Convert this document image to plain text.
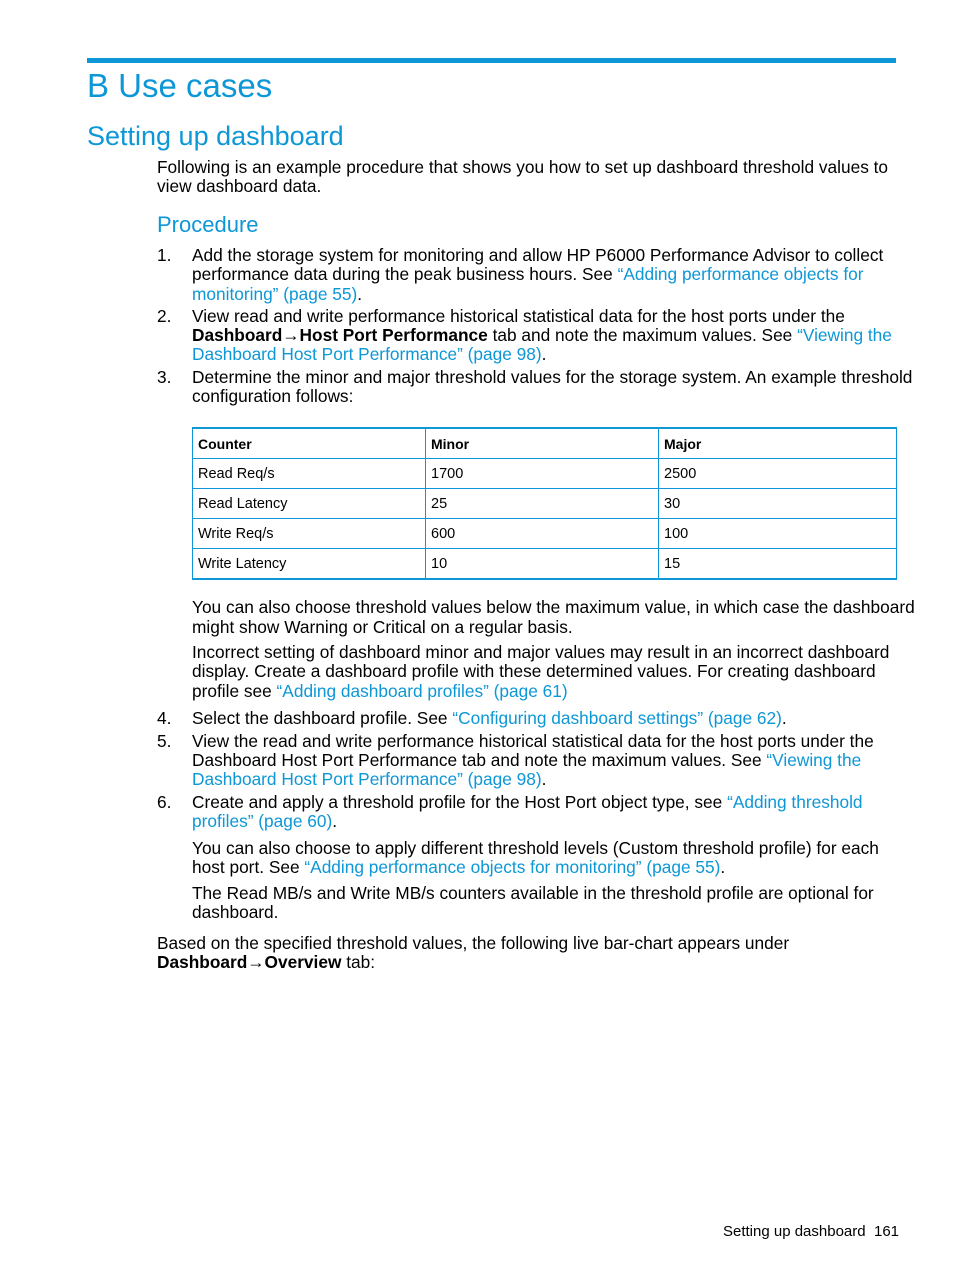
B Use cases
Setting up dashboard

Following is an example procedure that shows you how to set up dashboard threshold values to

view dashboard data.

Procedure
1. Add the storage system for monitoring and allow HP P6000 Performance Advisor to collect

performance data during the peak business hours. See “Adding performance objects for

monitoring” (page 55).

2. View read and write performance historical statistical data for the host ports under the

Dashboard→Host Port Performance tab and note the maximum values. See “Viewing the

Dashboard Host Port Performance” (page 98).

3. Determine the minor and major threshold values for the storage system. An example threshold

configuration follows:

Counter	Minor	Major
Read Req/s	1700	2500
Read Latency	25	30
Write Req/s	600	100
Write Latency	10	15

You can also choose threshold values below the maximum value, in which case the dashboard

might show Warning or Critical on a regular basis.

Incorrect setting of dashboard minor and major values may result in an incorrect dashboard

display. Create a dashboard profile with these determined values. For creating dashboard

profile see “Adding dashboard profiles” (page 61)

4. Select the dashboard profile. See “Configuring dashboard settings” (page 62).

5. View the read and write performance historical statistical data for the host ports under the

Dashboard Host Port Performance tab and note the maximum values. See “Viewing the

Dashboard Host Port Performance” (page 98).

6. Create and apply a threshold profile for the Host Port object type, see “Adding threshold

profiles” (page 60).

You can also choose to apply different threshold levels (Custom threshold profile) for each

host port. See “Adding performance objects for monitoring” (page 55).

The Read MB/s and Write MB/s counters available in the threshold profile are optional for

dashboard.

Based on the specified threshold values, the following live bar-chart appears under

Dashboard→Overview tab:

Setting up dashboard 161
